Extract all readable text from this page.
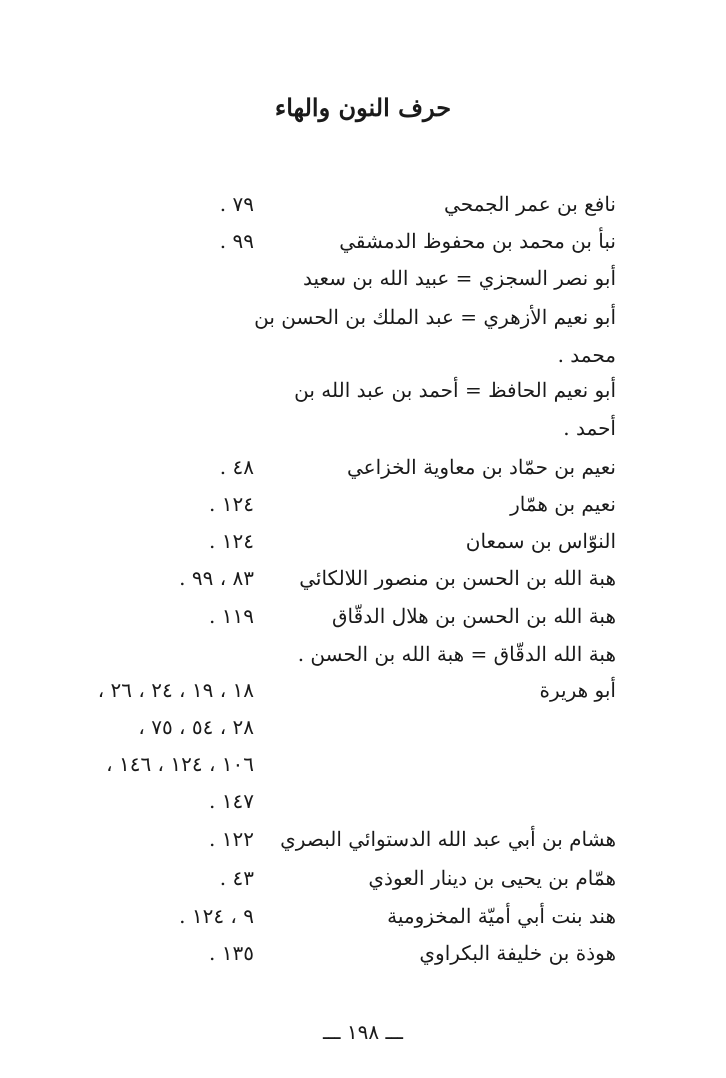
حرف النون والهاء
نافع بن عمر الجمحي
٧٩ .
نبأ بن محمد بن محفوظ الدمشقي
٩٩ .
أبو نصر السجزي = عبيد الله بن سعيد
أبو نعيم الأزهري = عبد الملك بن الحسن بن
محمد .
أبو نعيم الحافظ = أحمد بن عبد الله بن
أحمد .
نعيم بن حمّاد بن معاوية الخزاعي
٤٨ .
نعيم بن همّار
١٢٤ .
النوّاس بن سمعان
١٢٤ .
هبة الله بن الحسن بن منصور اللالكائي
٨٣ ، ٩٩ .
هبة الله بن الحسن بن هلال الدقّاق
١١٩ .
هبة الله الدقّاق = هبة الله بن الحسن .
أبو هريرة
١٨ ، ١٩ ، ٢٤ ، ٢٦ ،
٢٨ ، ٥٤ ، ٧٥ ،
١٠٦ ، ١٢٤ ، ١٤٦ ،
١٤٧ .
هشام بن أبي عبد الله الدستوائي البصري
١٢٢ .
همّام بن يحيى بن دينار العوذي
٤٣ .
هند بنت أبي أميّة المخزومية
٩ ، ١٢٤ .
هوذة بن خليفة البكراوي
١٣٥ .
ـــ ١٩٨ ـــ
